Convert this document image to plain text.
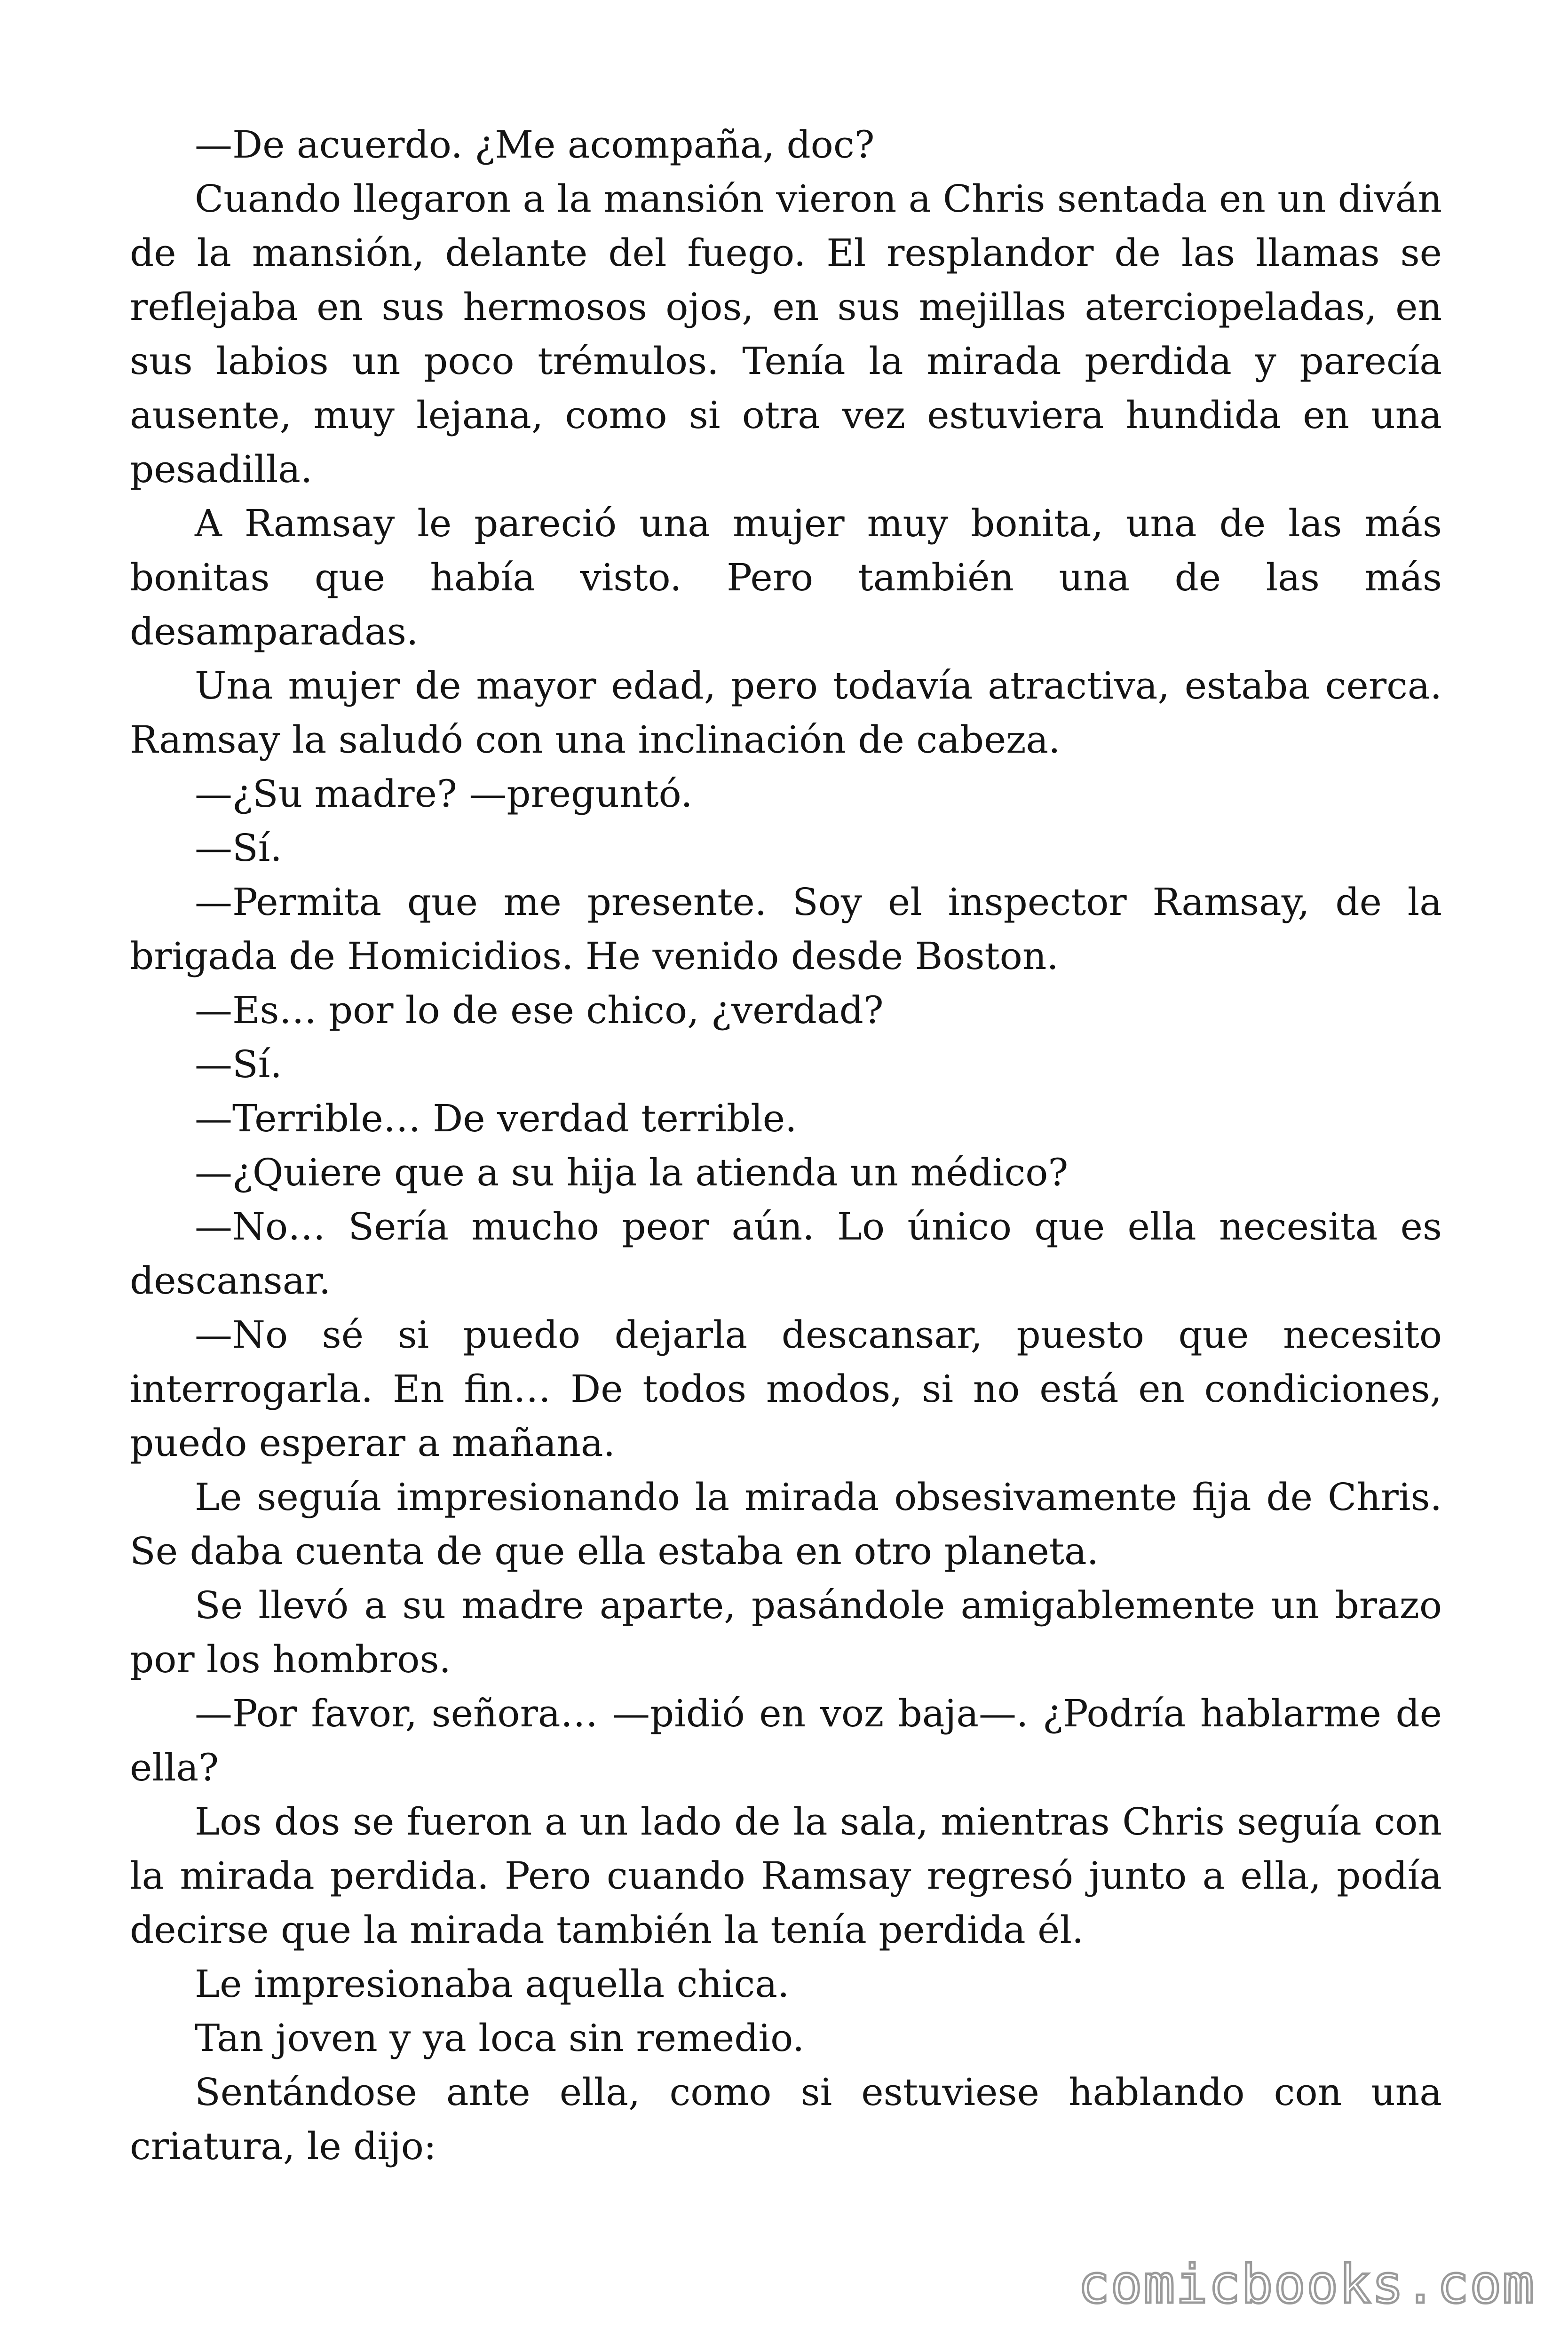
—De acuerdo. ¿Me acompaña, doc?

Cuando llegaron a la mansión vieron a Chris sentada en un diván de la mansión, delante del fuego. El resplandor de las llamas se reflejaba en sus hermosos ojos, en sus mejillas aterciopeladas, en sus labios un poco trémulos. Tenía la mirada perdida y parecía ausente, muy lejana, como si otra vez estuviera hundida en una pesadilla.

A Ramsay le pareció una mujer muy bonita, una de las más bonitas que había visto. Pero también una de las más desamparadas.

Una mujer de mayor edad, pero todavía atractiva, estaba cerca. Ramsay la saludó con una inclinación de cabeza.

—¿Su madre? —preguntó.

—Sí.

—Permita que me presente. Soy el inspector Ramsay, de la brigada de Homicidios. He venido desde Boston.

—Es… por lo de ese chico, ¿verdad?

—Sí.

—Terrible… De verdad terrible.

—¿Quiere que a su hija la atienda un médico?

—No… Sería mucho peor aún. Lo único que ella necesita es descansar.

—No sé si puedo dejarla descansar, puesto que necesito interrogarla. En fin… De todos modos, si no está en condiciones, puedo esperar a mañana.

Le seguía impresionando la mirada obsesivamente fija de Chris. Se daba cuenta de que ella estaba en otro planeta.

Se llevó a su madre aparte, pasándole amigablemente un brazo por los hombros.

—Por favor, señora… —pidió en voz baja—. ¿Podría hablarme de ella?

Los dos se fueron a un lado de la sala, mientras Chris seguía con la mirada perdida. Pero cuando Ramsay regresó junto a ella, podía decirse que la mirada también la tenía perdida él.

Le impresionaba aquella chica.

Tan joven y ya loca sin remedio.

Sentándose ante ella, como si estuviese hablando con una criatura, le dijo:

comicbooks.com
